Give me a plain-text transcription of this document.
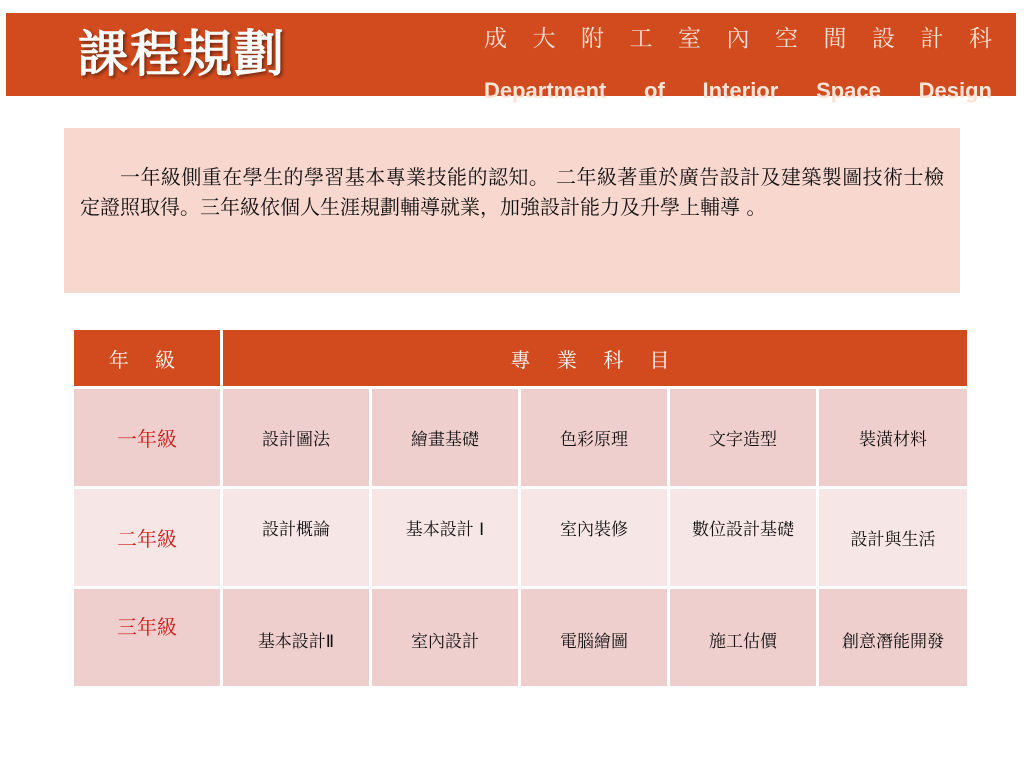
課程規劃	成 大 附 工 室 內 空 間 設 計 科
Department of Interior Space Design

一年級側重在學生的學習基本專業技能的認知。 二年級著重於廣告設計及建築製圖技術士檢定證照取得。三年級依個人生涯規劃輔導就業，加強設計能力及升學上輔導 。

年 級	專 業 科 目				
一年級	設計圖法	繪畫基礎	色彩原理	文字造型	裝潢材料
二年級	設計概論	基本設計 I	室內裝修	數位設計基礎	設計與生活
三年級	基本設計Ⅱ	室內設計	電腦繪圖	施工估價	創意潛能開發
